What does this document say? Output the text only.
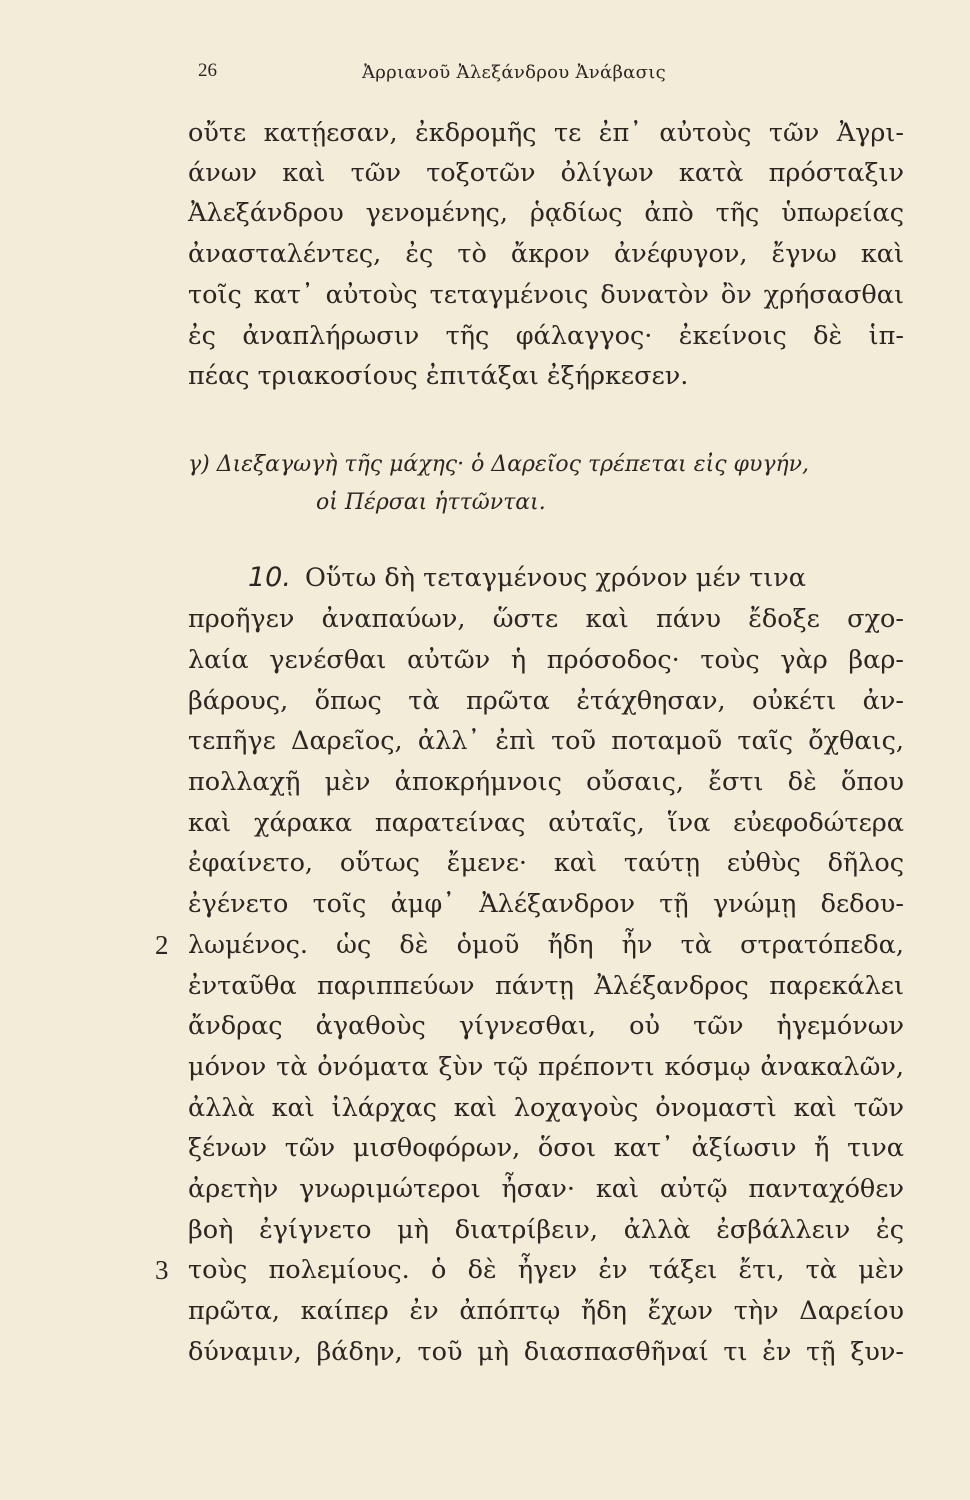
26	Ἀρριανοῦ Ἀλεξάνδρου Ἀνάβασις
οὔτε κατῄεσαν, ἐκδρομῆς τε ἐπ᾽ αὐτοὺς τῶν Ἀγρι-
άνων καὶ τῶν τοξοτῶν ὀλίγων κατὰ πρόσταξιν
Ἀλεξάνδρου γενομένης, ῥᾳδίως ἀπὸ τῆς ὑπωρείας
ἀνασταλέντες, ἐς τὸ ἄκρον ἀνέφυγον, ἔγνω καὶ
τοῖς κατ᾽ αὐτοὺς τεταγμένοις δυνατὸν ὂν χρήσασθαι
ἐς ἀναπλήρωσιν τῆς φάλαγγος· ἐκείνοις δὲ ἱπ-
πέας τριακοσίους ἐπιτάξαι ἐξήρκεσεν.
γ) Διεξαγωγὴ τῆς μάχης· ὁ Δαρεῖος τρέπεται εἰς φυγήν,
οἱ Πέρσαι ἡττῶνται.
10. Οὕτω δὴ τεταγμένους χρόνον μέν τινα
προῆγεν ἀναπαύων, ὥστε καὶ πάνυ ἔδοξε σχο-
λαία γενέσθαι αὐτῶν ἡ πρόσοδος· τοὺς γὰρ βαρ-
βάρους, ὅπως τὰ πρῶτα ἐτάχθησαν, οὐκέτι ἀν-
τεπῆγε Δαρεῖος, ἀλλ᾽ ἐπὶ τοῦ ποταμοῦ ταῖς ὄχθαις,
πολλαχῇ μὲν ἀποκρήμνοις οὔσαις, ἔστι δὲ ὅπου
καὶ χάρακα παρατείνας αὐταῖς, ἵνα εὐεφοδώτερα
ἐφαίνετο, οὕτως ἔμενε· καὶ ταύτῃ εὐθὺς δῆλος
ἐγένετο τοῖς ἀμφ᾽ Ἀλέξανδρον τῇ γνώμῃ δεδου-
2 λωμένος. ὡς δὲ ὁμοῦ ἤδη ἦν τὰ στρατόπεδα,
ἐνταῦθα παριππεύων πάντῃ Ἀλέξανδρος παρεκάλει
ἄνδρας ἀγαθοὺς γίγνεσθαι, οὐ τῶν ἡγεμόνων
μόνον τὰ ὀνόματα ξὺν τῷ πρέποντι κόσμῳ ἀνακαλῶν,
ἀλλὰ καὶ ἰλάρχας καὶ λοχαγοὺς ὀνομαστὶ καὶ τῶν
ξένων τῶν μισθοφόρων, ὅσοι κατ᾽ ἀξίωσιν ἤ τινα
ἀρετὴν γνωριμώτεροι ἦσαν· καὶ αὐτῷ πανταχόθεν
βοὴ ἐγίγνετο μὴ διατρίβειν, ἀλλὰ ἐσβάλλειν ἐς
3 τοὺς πολεμίους. ὁ δὲ ἦγεν ἐν τάξει ἔτι, τὰ μὲν
πρῶτα, καίπερ ἐν ἀπόπτῳ ἤδη ἔχων τὴν Δαρείου
δύναμιν, βάδην, τοῦ μὴ διασπασθῆναί τι ἐν τῇ ξυν-
